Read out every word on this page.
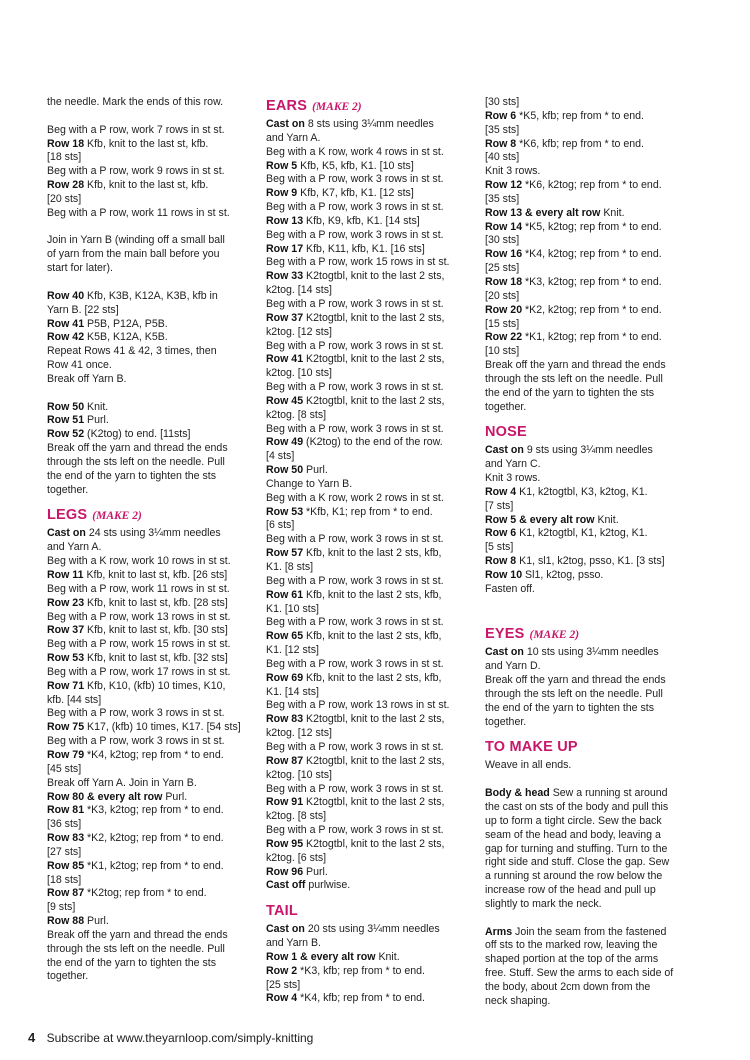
the needle. Mark the ends of this row.
Beg with a P row, work 7 rows in st st.
Row 18 Kfb, knit to the last st, kfb.
[18 sts]
Beg with a P row, work 9 rows in st st.
Row 28 Kfb, knit to the last st, kfb.
[20 sts]
Beg with a P row, work 11 rows in st st.
Join in Yarn B (winding off a small ball
of yarn from the main ball before you
start for later).
Row 40 Kfb, K3B, K12A, K3B, kfb in
Yarn B. [22 sts]
Row 41 P5B, P12A, P5B.
Row 42 K5B, K12A, K5B.
Repeat Rows 41 & 42, 3 times, then
Row 41 once.
Break off Yarn B.
Row 50 Knit.
Row 51 Purl.
Row 52 (K2tog) to end. [11sts]
Break off the yarn and thread the ends
through the sts left on the needle. Pull
the end of the yarn to tighten the sts
together.
LEGS (MAKE 2)
Cast on 24 sts using 3¼mm needles
and Yarn A.
Beg with a K row, work 10 rows in st st.
Row 11 Kfb, knit to last st, kfb. [26 sts]
Beg with a P row, work 11 rows in st st.
Row 23 Kfb, knit to last st, kfb. [28 sts]
Beg with a P row, work 13 rows in st st.
Row 37 Kfb, knit to last st, kfb. [30 sts]
Beg with a P row, work 15 rows in st st.
Row 53 Kfb, knit to last st, kfb. [32 sts]
Beg with a P row, work 17 rows in st st.
Row 71 Kfb, K10, (kfb) 10 times, K10,
kfb. [44 sts]
Beg with a P row, work 3 rows in st st.
Row 75 K17, (kfb) 10 times, K17. [54 sts]
Beg with a P row, work 3 rows in st st.
Row 79 *K4, k2tog; rep from * to end.
[45 sts]
Break off Yarn A. Join in Yarn B.
Row 80 & every alt row Purl.
Row 81 *K3, k2tog; rep from * to end.
[36 sts]
Row 83 *K2, k2tog; rep from * to end.
[27 sts]
Row 85 *K1, k2tog; rep from * to end.
[18 sts]
Row 87 *K2tog; rep from * to end.
[9 sts]
Row 88 Purl.
Break off the yarn and thread the ends
through the sts left on the needle. Pull
the end of the yarn to tighten the sts
together.
EARS (MAKE 2)
Cast on 8 sts using 3¼mm needles
and Yarn A.
Beg with a K row, work 4 rows in st st.
Row 5 Kfb, K5, kfb, K1. [10 sts]
Beg with a P row, work 3 rows in st st.
Row 9 Kfb, K7, kfb, K1. [12 sts]
Beg with a P row, work 3 rows in st st.
Row 13 Kfb, K9, kfb, K1. [14 sts]
Beg with a P row, work 3 rows in st st.
Row 17 Kfb, K11, kfb, K1. [16 sts]
Beg with a P row, work 15 rows in st st.
Row 33 K2togtbl, knit to the last 2 sts,
k2tog. [14 sts]
Beg with a P row, work 3 rows in st st.
Row 37 K2togtbl, knit to the last 2 sts,
k2tog. [12 sts]
Beg with a P row, work 3 rows in st st.
Row 41 K2togtbl, knit to the last 2 sts,
k2tog. [10 sts]
Beg with a P row, work 3 rows in st st.
Row 45 K2togtbl, knit to the last 2 sts,
k2tog. [8 sts]
Beg with a P row, work 3 rows in st st.
Row 49 (K2tog) to the end of the row.
[4 sts]
Row 50 Purl.
Change to Yarn B.
Beg with a K row, work 2 rows in st st.
Row 53 *Kfb, K1; rep from * to end.
[6 sts]
Beg with a P row, work 3 rows in st st.
Row 57 Kfb, knit to the last 2 sts, kfb,
K1. [8 sts]
Beg with a P row, work 3 rows in st st.
Row 61 Kfb, knit to the last 2 sts, kfb,
K1. [10 sts]
Beg with a P row, work 3 rows in st st.
Row 65 Kfb, knit to the last 2 sts, kfb,
K1. [12 sts]
Beg with a P row, work 3 rows in st st.
Row 69 Kfb, knit to the last 2 sts, kfb,
K1. [14 sts]
Beg with a P row, work 13 rows in st st.
Row 83 K2togtbl, knit to the last 2 sts,
k2tog. [12 sts]
Beg with a P row, work 3 rows in st st.
Row 87 K2togtbl, knit to the last 2 sts,
k2tog. [10 sts]
Beg with a P row, work 3 rows in st st.
Row 91 K2togtbl, knit to the last 2 sts,
k2tog. [8 sts]
Beg with a P row, work 3 rows in st st.
Row 95 K2togtbl, knit to the last 2 sts,
k2tog. [6 sts]
Row 96 Purl.
Cast off purlwise.
TAIL
Cast on 20 sts using 3¼mm needles
and Yarn B.
Row 1 & every alt row Knit.
Row 2 *K3, kfb; rep from * to end.
[25 sts]
Row 4 *K4, kfb; rep from * to end.
[30 sts]
Row 6 *K5, kfb; rep from * to end.
[35 sts]
Row 8 *K6, kfb; rep from * to end.
[40 sts]
Knit 3 rows.
Row 12 *K6, k2tog; rep from * to end.
[35 sts]
Row 13 & every alt row Knit.
Row 14 *K5, k2tog; rep from * to end.
[30 sts]
Row 16 *K4, k2tog; rep from * to end.
[25 sts]
Row 18 *K3, k2tog; rep from * to end.
[20 sts]
Row 20 *K2, k2tog; rep from * to end.
[15 sts]
Row 22 *K1, k2tog; rep from * to end.
[10 sts]
Break off the yarn and thread the ends
through the sts left on the needle. Pull
the end of the yarn to tighten the sts
together.
NOSE
Cast on 9 sts using 3¼mm needles
and Yarn C.
Knit 3 rows.
Row 4 K1, k2togtbl, K3, k2tog, K1.
[7 sts]
Row 5 & every alt row Knit.
Row 6 K1, k2togtbl, K1, k2tog, K1.
[5 sts]
Row 8 K1, sl1, k2tog, psso, K1. [3 sts]
Row 10 Sl1, k2tog, psso.
Fasten off.
EYES (MAKE 2)
Cast on 10 sts using 3¼mm needles
and Yarn D.
Break off the yarn and thread the ends
through the sts left on the needle. Pull
the end of the yarn to tighten the sts
together.
TO MAKE UP
Weave in all ends.
Body & head Sew a running st around
the cast on sts of the body and pull this
up to form a tight circle. Sew the back
seam of the head and body, leaving a
gap for turning and stuffing. Turn to the
right side and stuff. Close the gap. Sew
a running st around the row below the
increase row of the head and pull up
slightly to mark the neck.
Arms Join the seam from the fastened
off sts to the marked row, leaving the
shaped portion at the top of the arms
free. Stuff. Sew the arms to each side of
the body, about 2cm down from the
neck shaping.
4 Subscribe at www.theyarnloop.com/simply-knitting
